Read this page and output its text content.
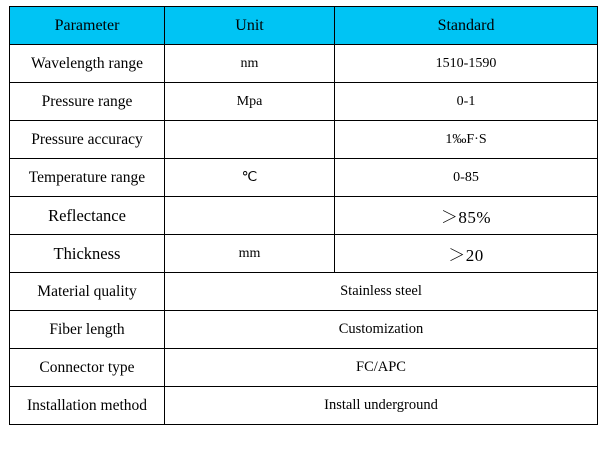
Parameter	Unit	Standard
Wavelength range	nm	1510-1590
Pressure range	Mpa	0-1
Pressure accuracy		1‰F·S
Temperature range	℃	0-85
Reflectance		＞85%
Thickness	mm	＞20
Material quality	Stainless steel	
Fiber length	Customization	
Connector type	FC/APC	
Installation method	Install underground	
